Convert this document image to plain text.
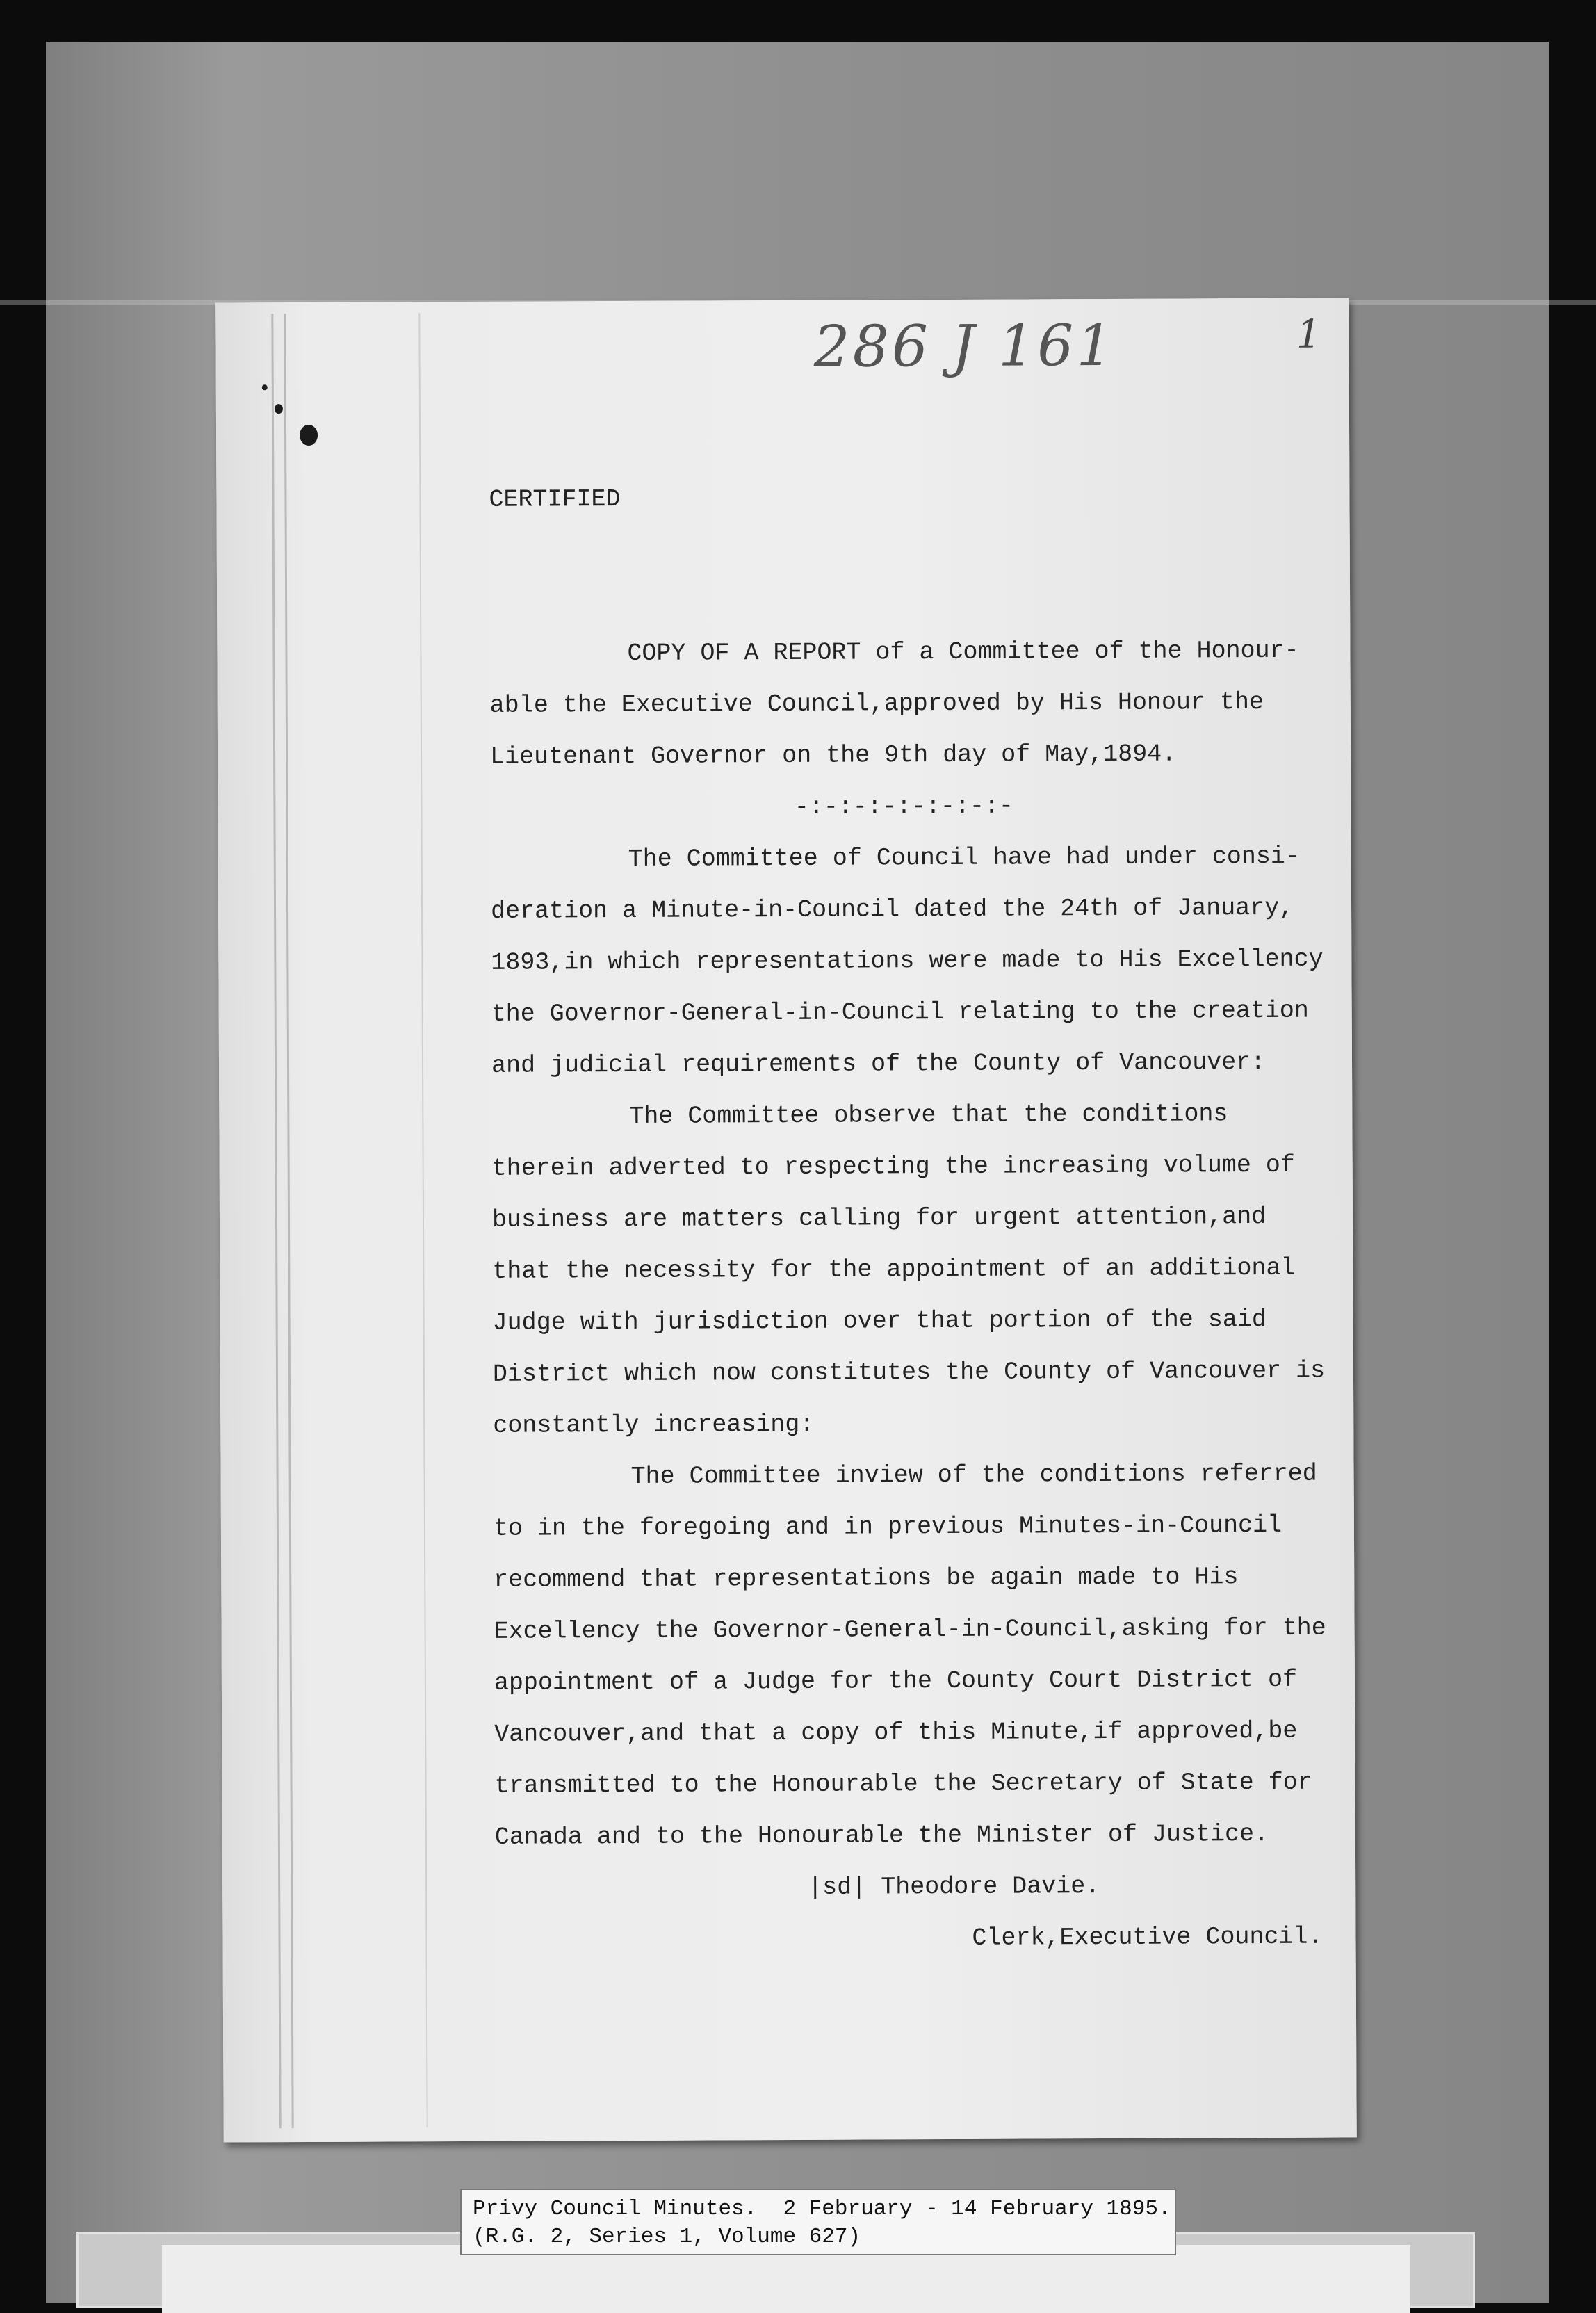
286 J 161	1

CERTIFIED

COPY OF A REPORT of a Committee of the Honour-
able the Executive Council,approved by His Honour the
Lieutenant Governor on the 9th day of May,1894.
-:-:-:-:-:-:-:-
The Committee of Council have had under consi-
deration a Minute-in-Council dated the 24th of January,
1893,in which representations were made to His Excellency
the Governor-General-in-Council relating to the creation
and judicial requirements of the County of Vancouver:
The Committee observe that the conditions
therein adverted to respecting the increasing volume of
business are matters calling for urgent attention,and
that the necessity for the appointment of an additional
Judge with jurisdiction over that portion of the said
District which now constitutes the County of Vancouver is
constantly increasing:
The Committee inview of the conditions referred
to in the foregoing and in previous Minutes-in-Council
recommend that representations be again made to His
Excellency the Governor-General-in-Council,asking for the
appointment of a Judge for the County Court District of
Vancouver,and that a copy of this Minute,if approved,be
transmitted to the Honourable the Secretary of State for
Canada and to the Honourable the Minister of Justice.
|sd| Theodore Davie.
Clerk,Executive Council.
Privy Council Minutes.  2 February - 14 February 1895.
(R.G. 2, Series 1, Volume 627)
